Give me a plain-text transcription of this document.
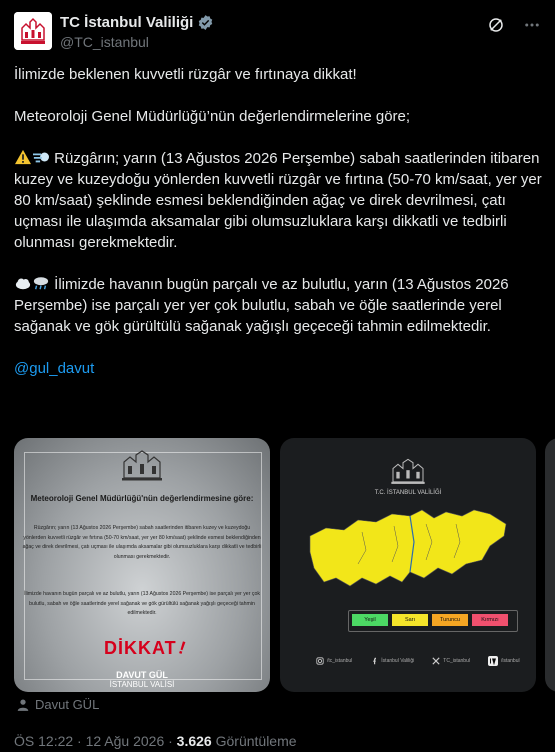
TC İstanbul Valiliği
@TC_istanbul

İlimizde beklenen kuvvetli rüzgâr ve fırtınaya dikkat!

Meteoroloji Genel Müdürlüğü’nün değerlendirmelerine göre;

Rüzgârın; yarın (13 Ağustos 2026 Perşembe) sabah saatlerinden itibaren kuzey ve kuzeydoğu yönlerden kuvvetli rüzgâr ve fırtına (50-70 km/saat, yer yer 80 km/saat) şeklinde esmesi beklendiğinden ağaç ve direk devrilmesi, çatı uçması ile ulaşımda aksamalar gibi olumsuzluklara karşı dikkatli ve tedbirli olunması gerekmektedir.

İlimizde havanın bugün parçalı ve az bulutlu, yarın (13 Ağustos 2026 Perşembe) ise parçalı yer yer çok bulutlu, sabah ve öğle saatlerinde yerel sağanak ve gök gürültülü sağanak yağışlı geçeceği tahmin edilmektedir.

@gul_davut

Meteoroloji Genel Müdürlüğü'nün değerlendirmesine göre:
Rüzgârın; yarın (13 Ağustos 2026 Perşembe) sabah saatlerinden itibaren kuzey ve kuzeydoğu yönlerden kuvvetli rüzgâr ve fırtına (50-70 km/saat, yer yer 80 km/saat) şeklinde esmesi beklendiğinden ağaç ve direk devrilmesi, çatı uçması ile ulaşımda aksamalar gibi olumsuzluklara karşı dikkatli ve tedbirli olunması gerekmektedir.
İlimizde havanın bugün parçalı ve az bulutlu, yarın (13 Ağustos 2026 Perşembe) ise parçalı yer yer çok bulutlu, sabah ve öğle saatlerinde yerel sağanak ve gök gürültülü sağanak yağışlı geçeceği tahmin edilmektedir.
DİKKAT!
DAVUT GÜL
İSTANBUL VALİSİ
T.C. İSTANBUL VALİLİĞİ
Yeşil	Sarı	Turuncu	Kırmızı
/tc_istanbul	İstanbul Valiliği	TC_istanbul	/istanbul
Davut GÜL
ÖS 12:22 · 12 Ağu 2026 · 3.626 Görüntüleme
